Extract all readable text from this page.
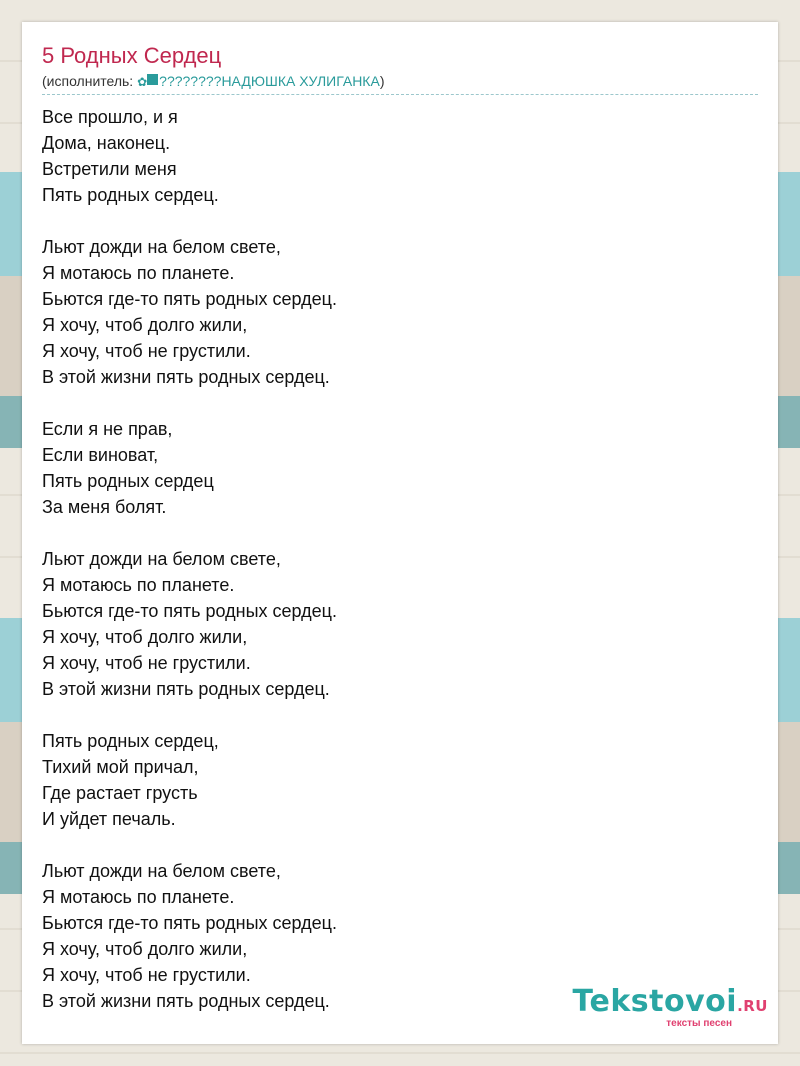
5 Родных Сердец
(исполнитель: ✿ ????????НАДЮШКА ХУЛИГАНКА)
Все прошло, и я
Дома, наконец.
Встретили меня
Пять родных сердец.
Льют дожди на белом свете,
Я мотаюсь по планете.
Бьются где-то пять родных сердец.
Я хочу, чтоб долго жили,
Я хочу, чтоб не грустили.
В этой жизни пять родных сердец.
Если я не прав,
Если виноват,
Пять родных сердец
За меня болят.
Льют дожди на белом свете,
Я мотаюсь по планете.
Бьются где-то пять родных сердец.
Я хочу, чтоб долго жили,
Я хочу, чтоб не грустили.
В этой жизни пять родных сердец.
Пять родных сердец,
Тихий мой причал,
Где растает грусть
И уйдет печаль.
Льют дожди на белом свете,
Я мотаюсь по планете.
Бьются где-то пять родных сердец.
Я хочу, чтоб долго жили,
Я хочу, чтоб не грустили.
В этой жизни пять родных сердец.	Tekstovoi.RU
тексты песен
